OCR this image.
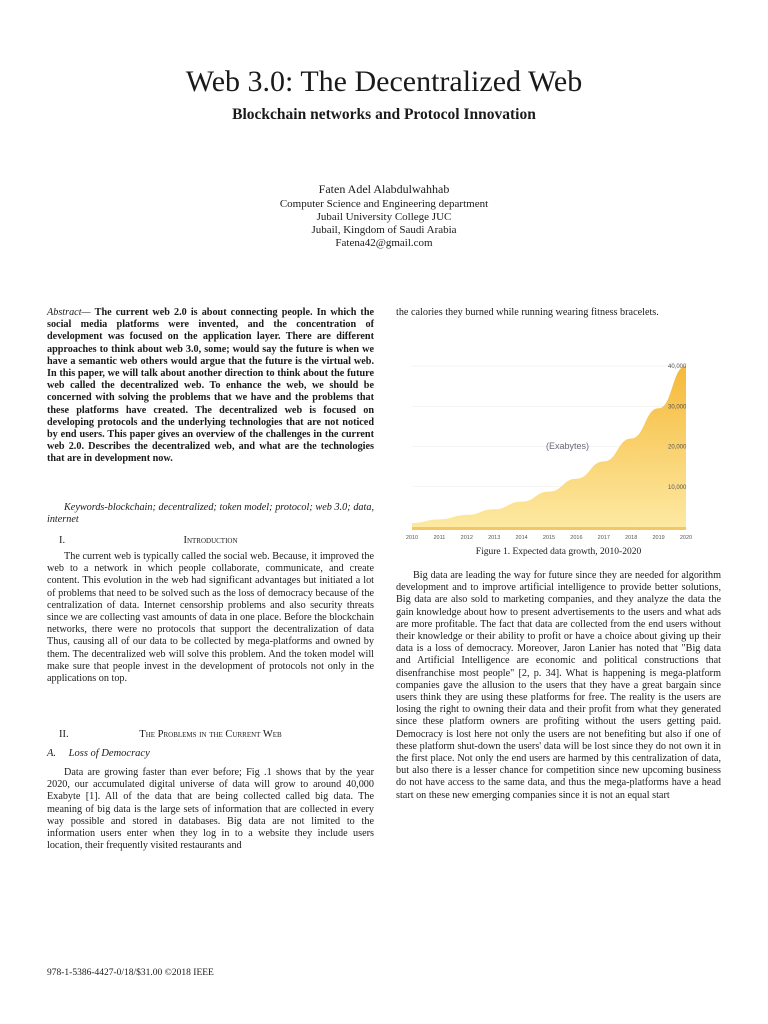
Web 3.0: The Decentralized Web
Blockchain networks and Protocol Innovation
Faten Adel Alabdulwahhab
Computer Science and Engineering department
Jubail University College JUC
Jubail, Kingdom of Saudi Arabia
Fatena42@gmail.com
Abstract— The current web 2.0 is about connecting people. In which the social media platforms were invented, and the concentration of development was focused on the application layer. There are different approaches to think about web 3.0, some; would say the future is when we have a semantic web others would argue that the future is the virtual web. In this paper, we will talk about another direction to think about the future web called the decentralized web. To enhance the web, we should be concerned with solving the problems that we have and the problems that these platforms have created. The decentralized web is focused on developing protocols and the underlying technologies that are not noticed by end users. This paper gives an overview of the challenges in the current web 2.0. Describes the decentralized web, and what are the technologies that are in development now.
Keywords-blockchain; decentralized; token model; protocol; web 3.0; data, internet
I.	Introduction
The current web is typically called the social web. Because, it improved the web to a network in which people collaborate, communicate, and create content. This evolution in the web had significant advantages but initiated a lot of problems that need to be solved such as the loss of democracy because of the centralization of data. Internet censorship problems and also security threats since we are collecting vast amounts of data in one place. Before the blockchain networks, there were no protocols that support the decentralization of data Thus, causing all of our data to be collected by mega-platforms and owned by them. The decentralized web will solve this problem. And the token model will make sure that people invest in the development of protocols not only in the applications on top.
II.	The Problems in the Current Web
A. Loss of Democracy
Data are growing faster than ever before; Fig .1 shows that by the year 2020, our accumulated digital universe of data will grow to around 40,000 Exabyte [1]. All of the data that are being collected called big data. The meaning of big data is the large sets of information that are collected in every way possible and stored in databases. Big data are not limited to the information users enter when they log in to a website they include users location, their frequently visited restaurants and
the calories they burned while running wearing fitness bracelets.
2010	2011	2012	2013	2014	2015	2016	2017	2018	2019	2020
10,000
20,000
30,000
40,000
(Exabytes)
Figure 1. Expected data growth, 2010-2020
Big data are leading the way for future since they are needed for algorithm development and to improve artificial intelligence to provide better solutions, Big data are also sold to marketing companies, and they analyze the data the gain knowledge about how to present advertisements to the users and what ads are more profitable. The fact that data are collected from the end users without their knowledge or their ability to profit or have a choice about giving up their data is a loss of democracy. Moreover, Jaron Lanier has noted that "Big data and Artificial Intelligence are economic and political constructions that disenfranchise most people" [2, p. 34]. What is happening is mega-platform companies gave the allusion to the users that they have a great bargain since users think they are using these platforms for free. The reality is the users are losing the right to owning their data and their profit from what they generated since these platform owners are profiting without the users getting paid. Democracy is lost here not only the users are not benefiting but also if one of these platform shut-down the users' data will be lost since they do not own it in the first place. Not only the end users are harmed by this centralization of data, but also there is a lesser chance for competition since new upcoming business do not have access to the same data, and thus the mega-platforms have a head start on these new emerging companies since it is not an equal start
978-1-5386-4427-0/18/$31.00 ©2018 IEEE
